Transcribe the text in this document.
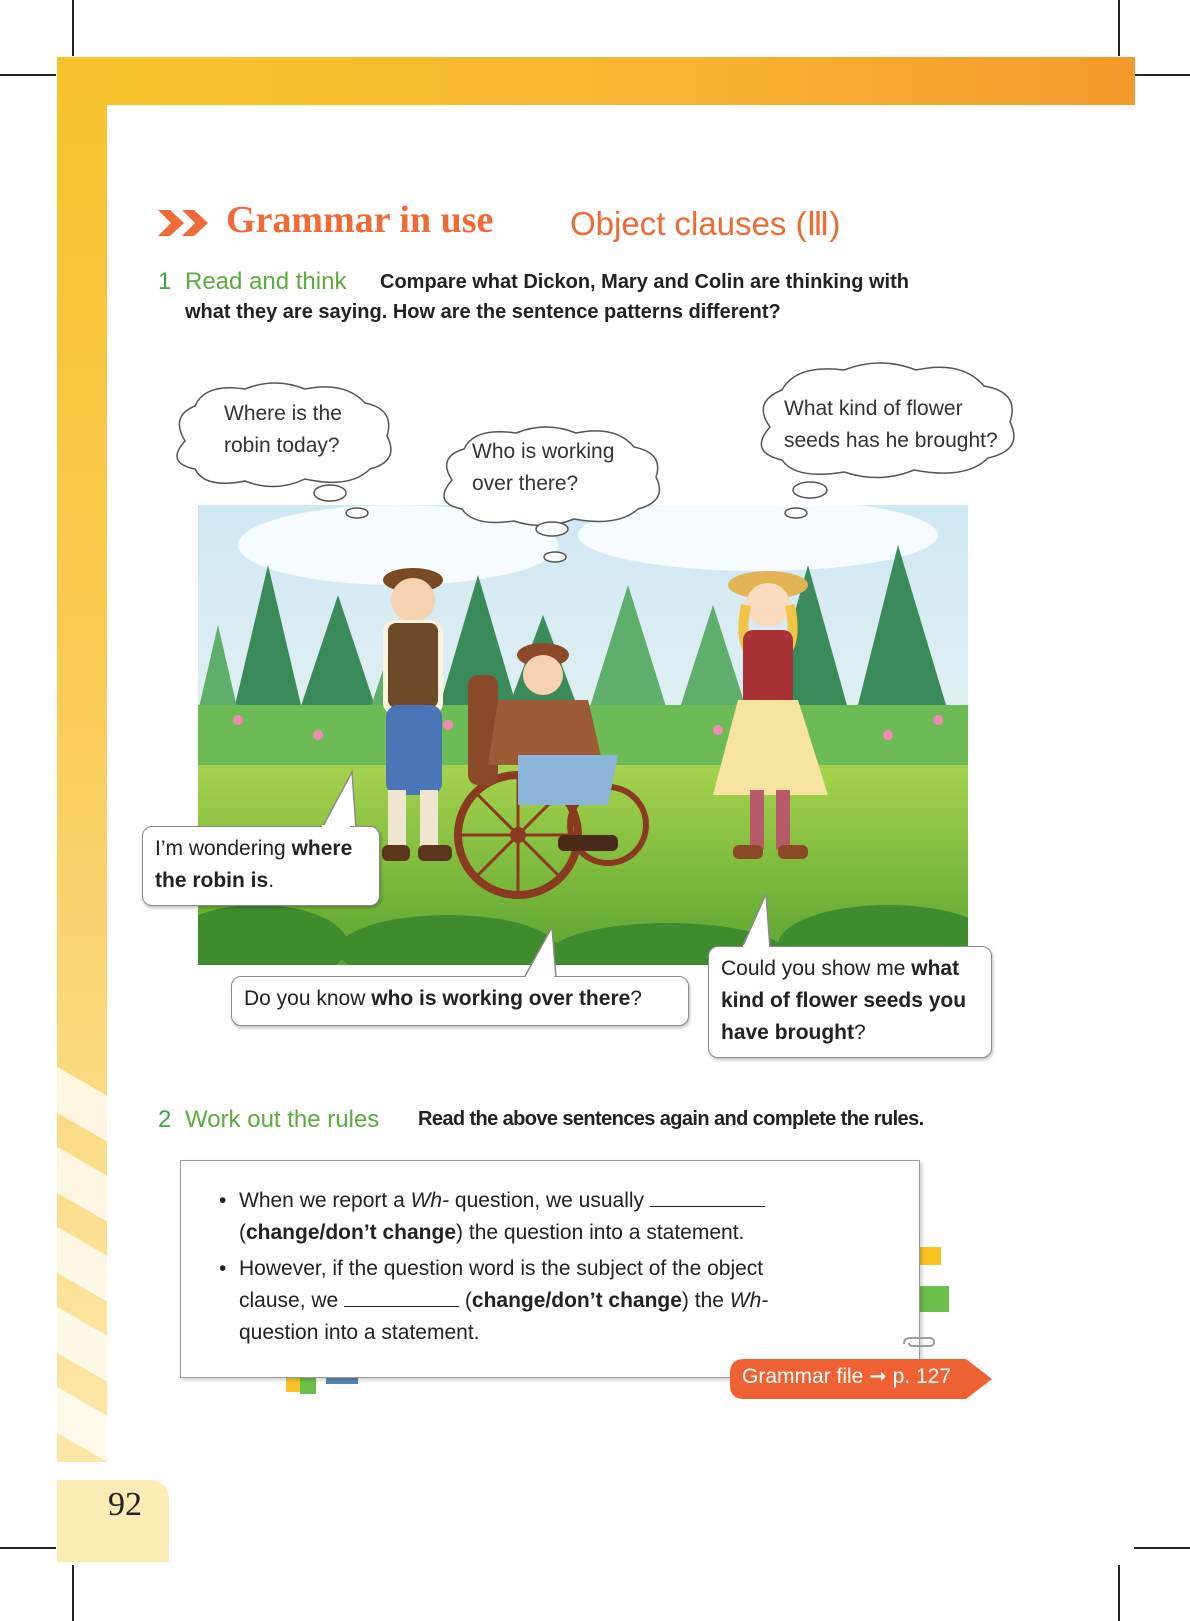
92
Grammar in use Object clauses (Ⅲ)
1 Read and think Compare what Dickon, Mary and Colin are thinking with
what they are saying. How are the sentence patterns different?
Where is the
robin today?	Who is working
over there?
What kind of flower
seeds has he brought?
I’m wondering where
the robin is.
Do you know who is working over there?
Could you show me what
kind of flower seeds you
have brought?
2 Work out the rules Read the above sentences again and complete the rules.
• When we report a Wh- question, we usually
(change/don’t change) the question into a statement.
• However, if the question word is the subject of the object
clause, we	(change/don’t change) the Wh-
question into a statement.
Grammar file ➞ p. 127
